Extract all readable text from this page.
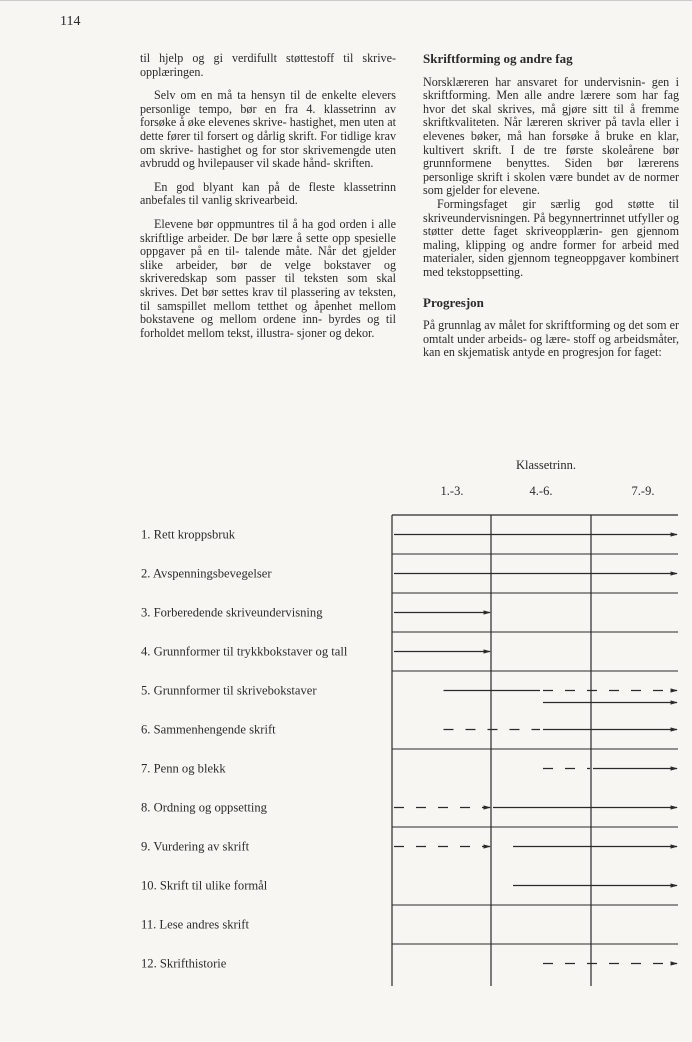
114

til hjelp og gi verdifullt støttestoff til skrive- opplæringen.

Selv om en må ta hensyn til de enkelte elevers personlige tempo, bør en fra 4. klassetrinn av forsøke å øke elevenes skrive- hastighet, men uten at dette fører til forsert og dårlig skrift. For tidlige krav om skrive- hastighet og for stor skrivemengde uten avbrudd og hvilepauser vil skade hånd- skriften.

En god blyant kan på de fleste klassetrinn anbefales til vanlig skrivearbeid.

Elevene bør oppmuntres til å ha god orden i alle skriftlige arbeider. De bør lære å sette opp spesielle oppgaver på en til- talende måte. Når det gjelder slike arbeider, bør de velge bokstaver og skriveredskap som passer til teksten som skal skrives. Det bør settes krav til plassering av teksten, til samspillet mellom tetthet og åpenhet mellom bokstavene og mellom ordene inn- byrdes og til forholdet mellom tekst, illustra- sjoner og dekor.

Skriftforming og andre fag

Norsklæreren har ansvaret for undervisnin- gen i skriftforming. Men alle andre lærere som har fag hvor det skal skrives, må gjøre sitt til å fremme skriftkvaliteten. Når læreren skriver på tavla eller i elevenes bøker, må han forsøke å bruke en klar, kultivert skrift. I de tre første skoleårene bør grunnformene benyttes. Siden bør lærerens personlige skrift i skolen være bundet av de normer som gjelder for elevene.

Formingsfaget gir særlig god støtte til skriveundervisningen. På begynnertrinnet utfyller og støtter dette faget skriveopplærin- gen gjennom maling, klipping og andre former for arbeid med materialer, siden gjennom tegneoppgaver kombinert med tekstoppsetting.

Progresjon

På grunnlag av målet for skriftforming og det som er omtalt under arbeids- og lære- stoff og arbeidsmåter, kan en skjematisk antyde en progresjon for faget:

Klassetrinn.
1.-3.	4.-6.	7.-9.
1. Rett kroppsbruk
2. Avspenningsbevegelser
3. Forberedende skriveundervisning
4. Grunnformer til trykkbokstaver og tall
5. Grunnformer til skrivebokstaver
6. Sammenhengende skrift
7. Penn og blekk
8. Ordning og oppsetting
9. Vurdering av skrift
10. Skrift til ulike formål
11. Lese andres skrift
12. Skrifthistorie
